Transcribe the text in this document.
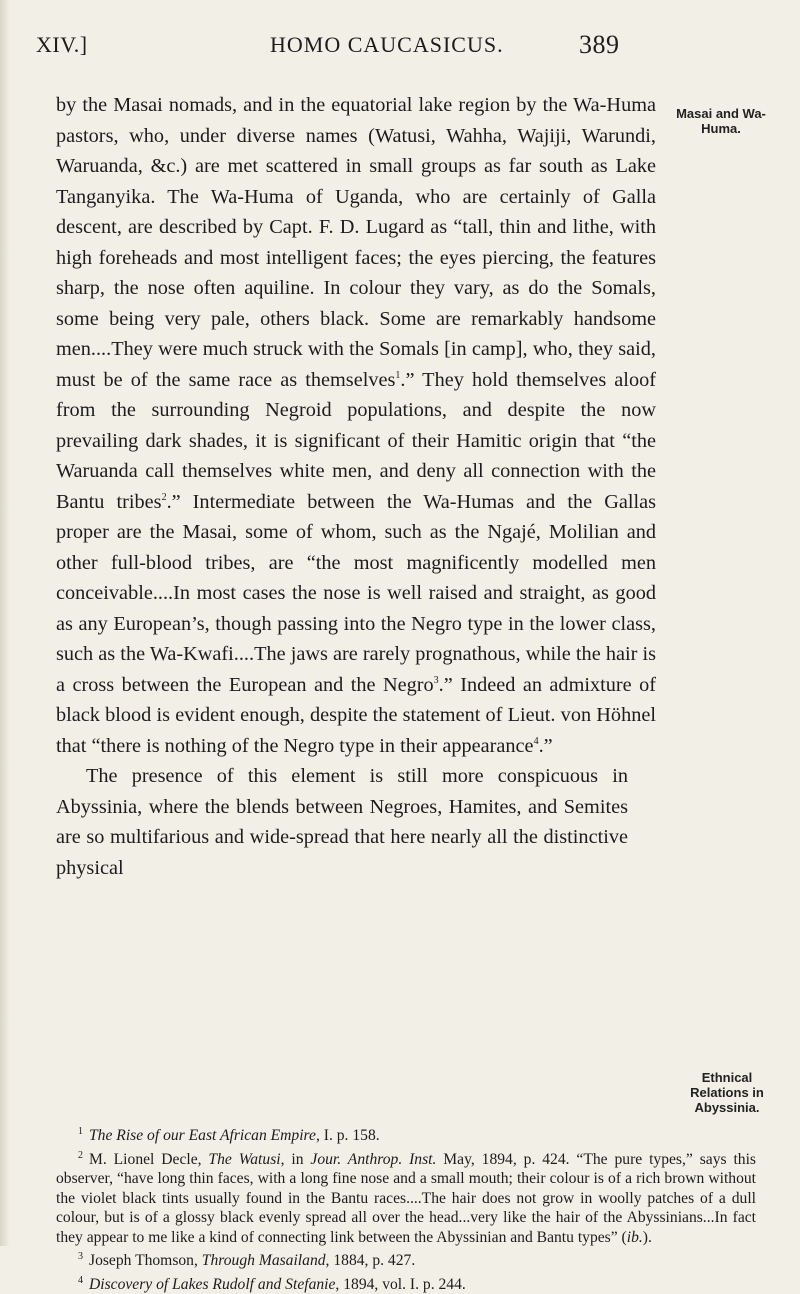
XIV.]	HOMO CAUCASICUS.	389
Masai and Wa-Huma.
Ethnical Relations in Abyssinia.

by the Masai nomads, and in the equatorial lake region by the Wa-Huma pastors, who, under diverse names (Watusi, Wahha, Wajiji, Warundi, Waruanda, &c.) are met scattered in small groups as far south as Lake Tanganyika. The Wa-Huma of Uganda, who are certainly of Galla descent, are described by Capt. F. D. Lugard as “tall, thin and lithe, with high foreheads and most intelligent faces; the eyes piercing, the features sharp, the nose often aquiline. In colour they vary, as do the Somals, some being very pale, others black. Some are remarkably handsome men....They were much struck with the Somals [in camp], who, they said, must be of the same race as themselves$^1$.” They hold themselves aloof from the surrounding Negroid populations, and despite the now prevailing dark shades, it is significant of their Hamitic origin that “the Waruanda call themselves white men, and deny all connection with the Bantu tribes$^2$.” Intermediate between the Wa-Humas and the Gallas proper are the Masai, some of whom, such as the Ngajé, Molilian and other full-blood tribes, are “the most magnificently modelled men conceivable....In most cases the nose is well raised and straight, as good as any European’s, though passing into the Negro type in the lower class, such as the Wa-Kwafi....The jaws are rarely prognathous, while the hair is a cross between the European and the Negro$^3$.” Indeed an admixture of black blood is evident enough, despite the statement of Lieut. von Höhnel that “there is nothing of the Negro type in their appearance$^4$.”

The presence of this element is still more conspicuous in Abyssinia, where the blends between Negroes, Hamites, and Semites are so multifarious and wide-spread that here nearly all the distinctive physical

$^1$ The Rise of our East African Empire, I. p. 158.

$^2$ M. Lionel Decle, The Watusi, in Jour. Anthrop. Inst. May, 1894, p. 424. “The pure types,” says this observer, “have long thin faces, with a long fine nose and a small mouth; their colour is of a rich brown without the violet black tints usually found in the Bantu races....The hair does not grow in woolly patches of a dull colour, but is of a glossy black evenly spread all over the head...very like the hair of the Abyssinians...In fact they appear to me like a kind of connecting link between the Abyssinian and Bantu types” (ib.).

$^3$ Joseph Thomson, Through Masailand, 1884, p. 427.

$^4$ Discovery of Lakes Rudolf and Stefanie, 1894, vol. I. p. 244.
